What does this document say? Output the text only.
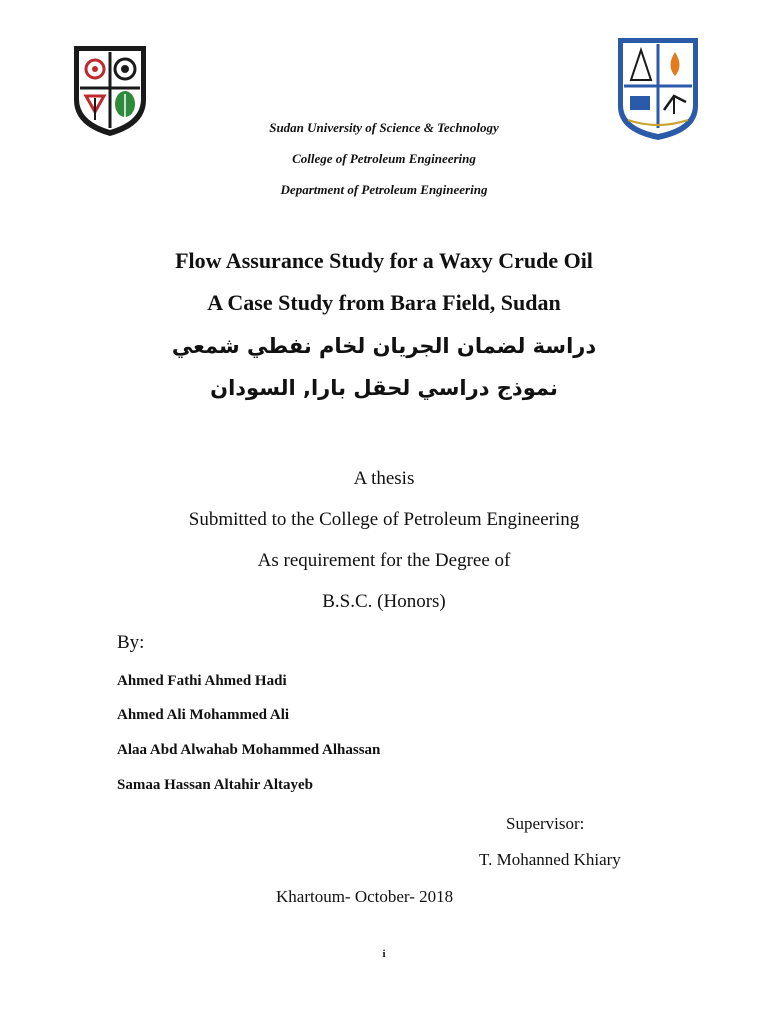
Sudan University of Science & Technology
College of Petroleum Engineering
Department of Petroleum Engineering
Flow Assurance Study for a Waxy Crude Oil
A Case Study from Bara Field, Sudan
دراسة لضمان الجريان لخام نفطي شمعي
نموذج دراسي لحقل بارا, السودان
A thesis
Submitted to the College of Petroleum Engineering
As requirement for the Degree of
B.S.C. (Honors)
By:
Ahmed Fathi Ahmed Hadi
Ahmed Ali Mohammed Ali
Alaa Abd Alwahab Mohammed Alhassan
Samaa Hassan Altahir Altayeb
Supervisor:
T. Mohanned Khiary
Khartoum- October- 2018
i
